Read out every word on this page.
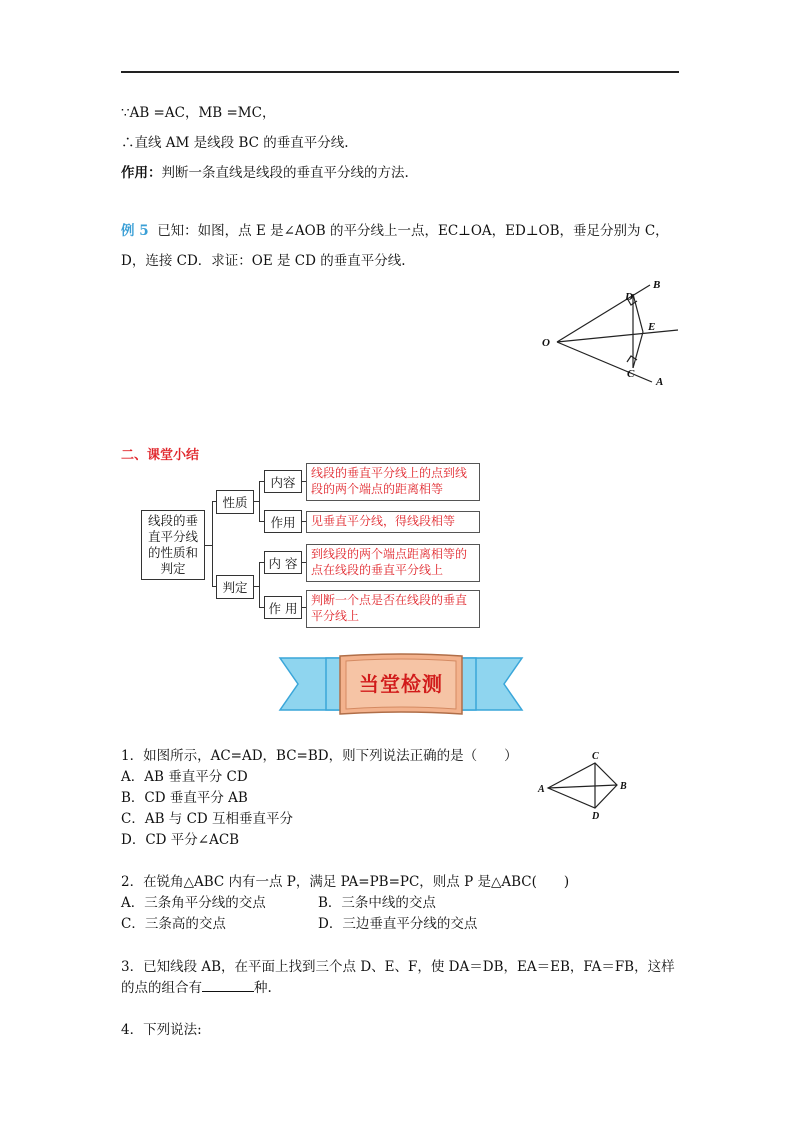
∵AB =AC，MB =MC，
∴直线 AM 是线段 BC 的垂直平分线.
作用：判断一条直线是线段的垂直平分线的方法.
例 5 已知：如图，点 E 是∠AOB 的平分线上一点，EC⊥OA，ED⊥OB，垂足分别为 C，
D，连接 CD．求证：OE 是 CD 的垂直平分线.
O
B
D
E
C
A
二、课堂小结
线段的垂直平分线的性质和判定
性质
判定
内容
作用
内 容
作 用
线段的垂直平分线上的点到线段的两个端点的距离相等
见垂直平分线，得线段相等
到线段的两个端点距离相等的点在线段的垂直平分线上
判断一个点是否在线段的垂直平分线上
当堂检测
1．如图所示，AC=AD，BC=BD，则下列说法正确的是（　　）
A．AB 垂直平分 CD
B．CD 垂直平分 AB
C．AB 与 CD 互相垂直平分
D．CD 平分∠ACB
A
C
B
D
2．在锐角△ABC 内有一点 P，满足 PA=PB=PC，则点 P 是△ABC(　　)
A．三条角平分线的交点	B．三条中线的交点
C．三条高的交点	D．三边垂直平分线的交点
3．已知线段 AB，在平面上找到三个点 D、E、F，使 DA＝DB，EA＝EB，FA＝FB，这样
的点的组合有	种.
4．下列说法:
